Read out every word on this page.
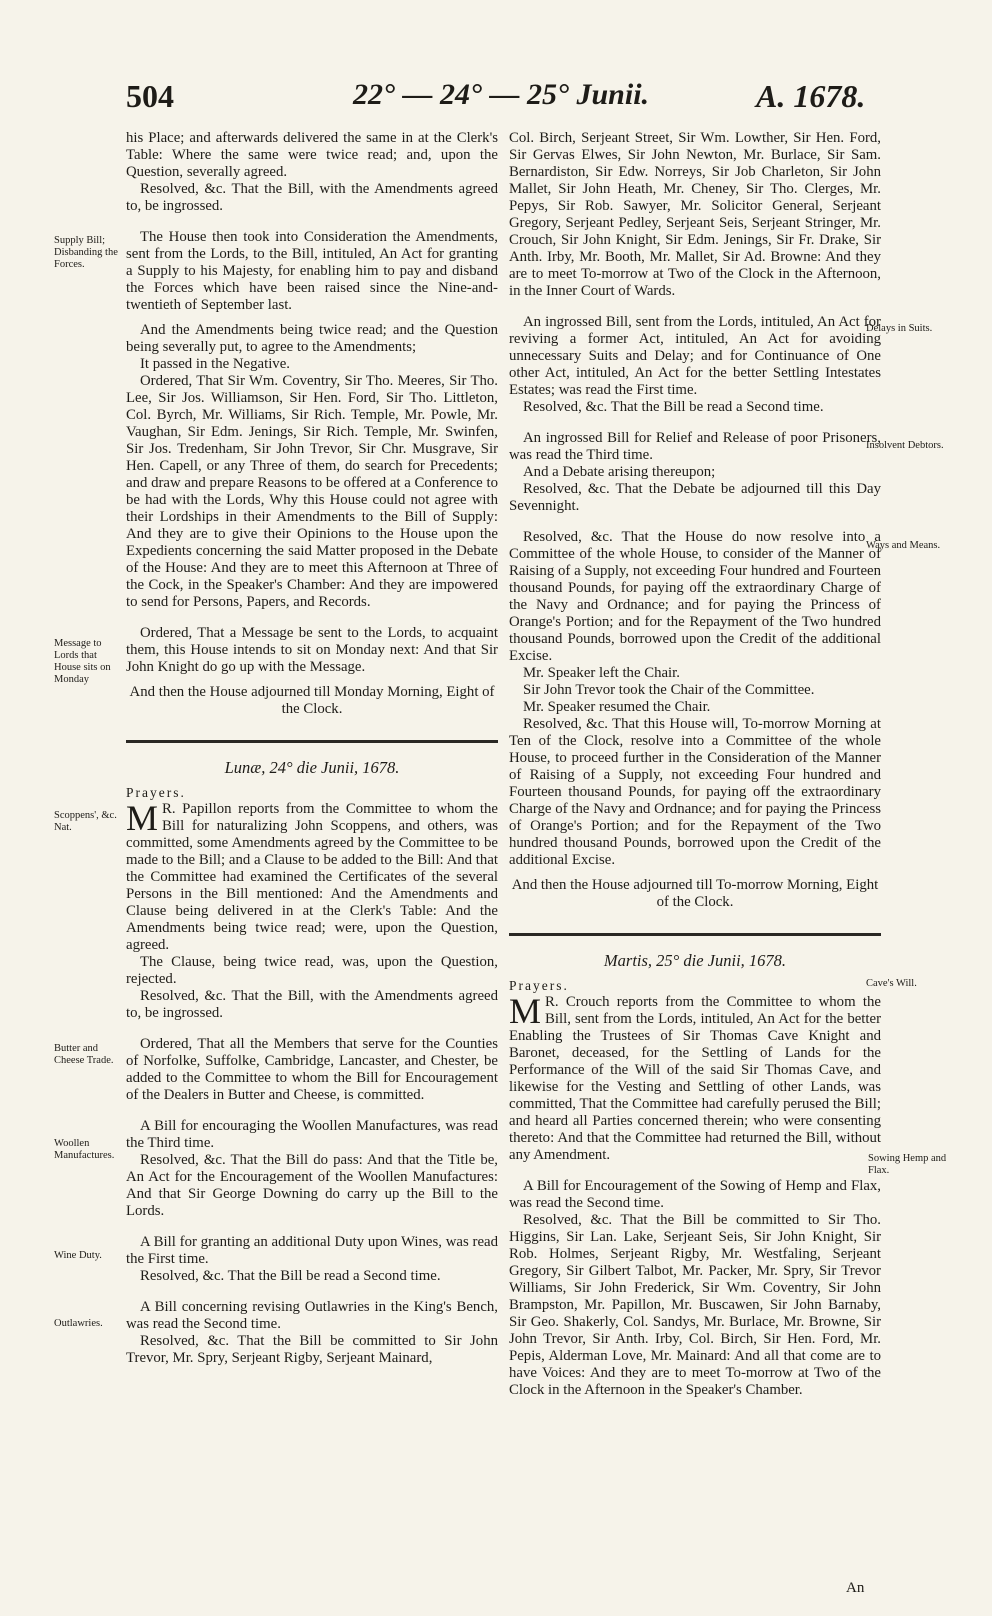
504	22° — 24° — 25° Junii.	A. 1678.

his Place; and afterwards delivered the same in at the Clerk's Table: Where the same were twice read; and, upon the Question, severally agreed.

Resolved, &c. That the Bill, with the Amendments agreed to, be ingrossed.

The House then took into Consideration the Amendments, sent from the Lords, to the Bill, intituled, An Act for granting a Supply to his Majesty, for enabling him to pay and disband the Forces which have been raised since the Nine-and-twentieth of September last.

And the Amendments being twice read; and the Question being severally put, to agree to the Amendments;

It passed in the Negative.

Ordered, That Sir Wm. Coventry, Sir Tho. Meeres, Sir Tho. Lee, Sir Jos. Williamson, Sir Hen. Ford, Sir Tho. Littleton, Col. Byrch, Mr. Williams, Sir Rich. Temple, Mr. Powle, Mr. Vaughan, Sir Edm. Jenings, Sir Rich. Temple, Mr. Swinfen, Sir Jos. Tredenham, Sir John Trevor, Sir Chr. Musgrave, Sir Hen. Capell, or any Three of them, do search for Precedents; and draw and prepare Reasons to be offered at a Conference to be had with the Lords, Why this House could not agree with their Lordships in their Amendments to the Bill of Supply: And they are to give their Opinions to the House upon the Expedients concerning the said Matter proposed in the Debate of the House: And they are to meet this Afternoon at Three of the Cock, in the Speaker's Chamber: And they are impowered to send for Persons, Papers, and Records.

Ordered, That a Message be sent to the Lords, to acquaint them, this House intends to sit on Monday next: And that Sir John Knight do go up with the Message.

And then the House adjourned till Monday Morning, Eight of the Clock.

Lunæ, 24° die Junii, 1678.

Prayers.

M R. Papillon reports from the Committee to whom the Bill for naturalizing John Scoppens, and others, was committed, some Amendments agreed by the Committee to be made to the Bill; and a Clause to be added to the Bill: And that the Committee had examined the Certificates of the several Persons in the Bill mentioned: And the Amendments and Clause being delivered in at the Clerk's Table: And the Amendments being twice read; were, upon the Question, agreed.

The Clause, being twice read, was, upon the Question, rejected.

Resolved, &c. That the Bill, with the Amendments agreed to, be ingrossed.

Ordered, That all the Members that serve for the Counties of Norfolke, Suffolke, Cambridge, Lancaster, and Chester, be added to the Committee to whom the Bill for Encouragement of the Dealers in Butter and Cheese, is committed.

A Bill for encouraging the Woollen Manufactures, was read the Third time.

Resolved, &c. That the Bill do pass: And that the Title be, An Act for the Encouragement of the Woollen Manufactures: And that Sir George Downing do carry up the Bill to the Lords.

A Bill for granting an additional Duty upon Wines, was read the First time.

Resolved, &c. That the Bill be read a Second time.

A Bill concerning revising Outlawries in the King's Bench, was read the Second time.

Resolved, &c. That the Bill be committed to Sir John Trevor, Mr. Spry, Serjeant Rigby, Serjeant Mainard,

Col. Birch, Serjeant Street, Sir Wm. Lowther, Sir Hen. Ford, Sir Gervas Elwes, Sir John Newton, Mr. Burlace, Sir Sam. Bernardiston, Sir Edw. Norreys, Sir Job Charleton, Sir John Mallet, Sir John Heath, Mr. Cheney, Sir Tho. Clerges, Mr. Pepys, Sir Rob. Sawyer, Mr. Solicitor General, Serjeant Gregory, Serjeant Pedley, Serjeant Seis, Serjeant Stringer, Mr. Crouch, Sir John Knight, Sir Edm. Jenings, Sir Fr. Drake, Sir Anth. Irby, Mr. Booth, Mr. Mallet, Sir Ad. Browne: And they are to meet To-morrow at Two of the Clock in the Afternoon, in the Inner Court of Wards.

An ingrossed Bill, sent from the Lords, intituled, An Act for reviving a former Act, intituled, An Act for avoiding unnecessary Suits and Delay; and for Continuance of One other Act, intituled, An Act for the better Settling Intestates Estates; was read the First time.

Resolved, &c. That the Bill be read a Second time.

An ingrossed Bill for Relief and Release of poor Prisoners, was read the Third time.

And a Debate arising thereupon;

Resolved, &c. That the Debate be adjourned till this Day Sevennight.

Resolved, &c. That the House do now resolve into a Committee of the whole House, to consider of the Manner of Raising of a Supply, not exceeding Four hundred and Fourteen thousand Pounds, for paying off the extraordinary Charge of the Navy and Ordnance; and for paying the Princess of Orange's Portion; and for the Repayment of the Two hundred thousand Pounds, borrowed upon the Credit of the additional Excise.

Mr. Speaker left the Chair.

Sir John Trevor took the Chair of the Committee.

Mr. Speaker resumed the Chair.

Resolved, &c. That this House will, To-morrow Morning at Ten of the Clock, resolve into a Committee of the whole House, to proceed further in the Consideration of the Manner of Raising of a Supply, not exceeding Four hundred and Fourteen thousand Pounds, for paying off the extraordinary Charge of the Navy and Ordnance; and for paying the Princess of Orange's Portion; and for the Repayment of the Two hundred thousand Pounds, borrowed upon the Credit of the additional Excise.

And then the House adjourned till To-morrow Morning, Eight of the Clock.

Martis, 25° die Junii, 1678.

Prayers.

M R. Crouch reports from the Committee to whom the Bill, sent from the Lords, intituled, An Act for the better Enabling the Trustees of Sir Thomas Cave Knight and Baronet, deceased, for the Settling of Lands for the Performance of the Will of the said Sir Thomas Cave, and likewise for the Vesting and Settling of other Lands, was committed, That the Committee had carefully perused the Bill; and heard all Parties concerned therein; who were consenting thereto: And that the Committee had returned the Bill, without any Amendment.

A Bill for Encouragement of the Sowing of Hemp and Flax, was read the Second time.

Resolved, &c. That the Bill be committed to Sir Tho. Higgins, Sir Lan. Lake, Serjeant Seis, Sir John Knight, Sir Rob. Holmes, Serjeant Rigby, Mr. Westfaling, Serjeant Gregory, Sir Gilbert Talbot, Mr. Packer, Mr. Spry, Sir Trevor Williams, Sir John Frederick, Sir Wm. Coventry, Sir John Brampston, Mr. Papillon, Mr. Buscawen, Sir John Barnaby, Sir Geo. Shakerly, Col. Sandys, Mr. Burlace, Mr. Browne, Sir John Trevor, Sir Anth. Irby, Col. Birch, Sir Hen. Ford, Mr. Pepis, Alderman Love, Mr. Mainard: And all that come are to have Voices: And they are to meet To-morrow at Two of the Clock in the Afternoon in the Speaker's Chamber.

Supply Bill; Disbanding the Forces.
Message to Lords that House sits on Monday
Scoppens', &c. Nat.
Butter and Cheese Trade.
Woollen Manufactures.
Wine Duty.
Outlawries.
Delays in Suits.
Insolvent Debtors.
Ways and Means.
Cave's Will.
Sowing Hemp and Flax.
An
